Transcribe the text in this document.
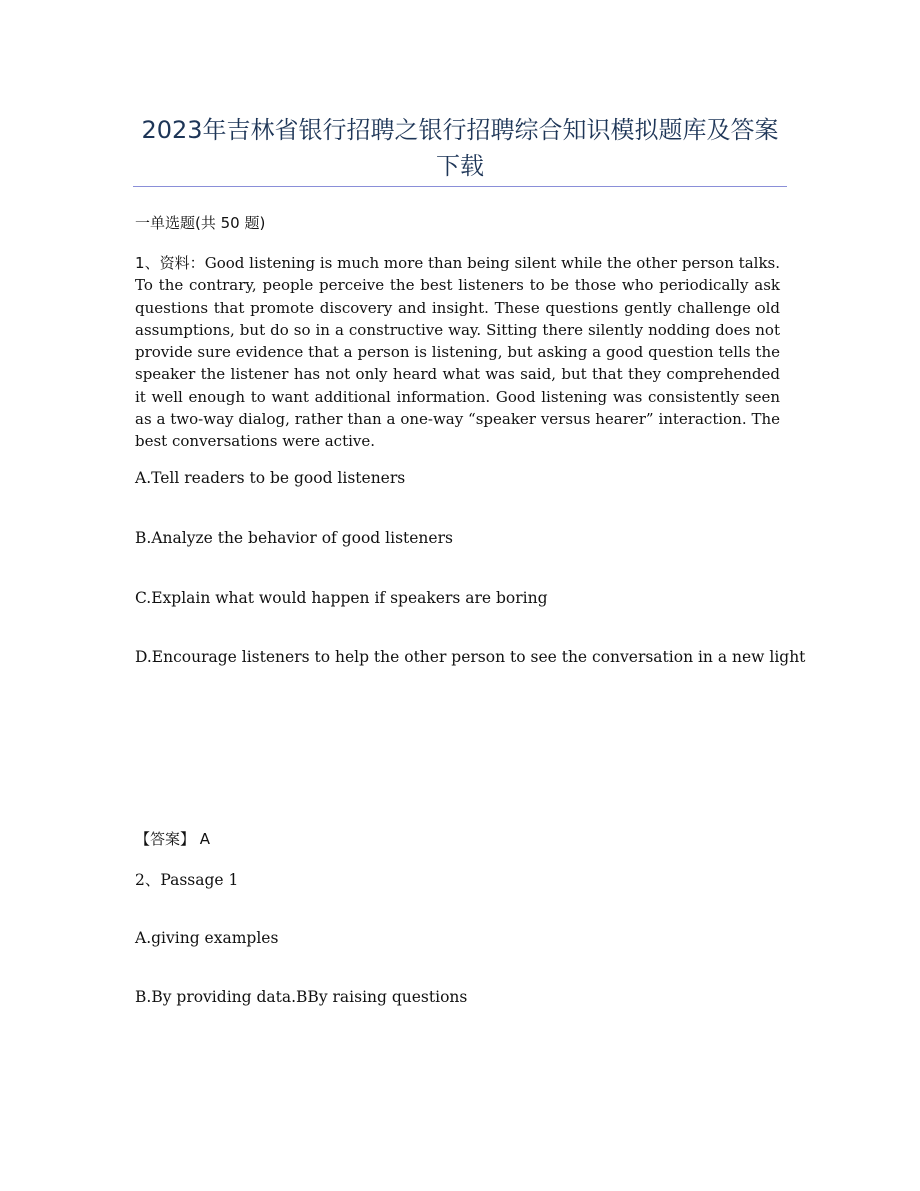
2023年吉林省银行招聘之银行招聘综合知识模拟题库及答案下载
一单选题(共 50 题)
1、资料：Good listening is much more than being silent while the other person talks. To the contrary, people perceive the best listeners to be those who periodically ask questions that promote discovery and insight. These questions gently challenge old assumptions, but do so in a constructive way. Sitting there silently nodding does not provide sure evidence that a person is listening, but asking a good question tells the speaker the listener has not only heard what was said, but that they comprehended it well enough to want additional information. Good listening was consistently seen as a two-way dialog, rather than a one-way “speaker versus hearer” interaction. The best conversations were active.
A.Tell readers to be good listeners
B.Analyze the behavior of good listeners
C.Explain what would happen if speakers are boring
D.Encourage listeners to help the other person to see the conversation in a new light
【答案】 A
2、Passage 1
A.giving examples
B.By providing data.BBy raising questions
